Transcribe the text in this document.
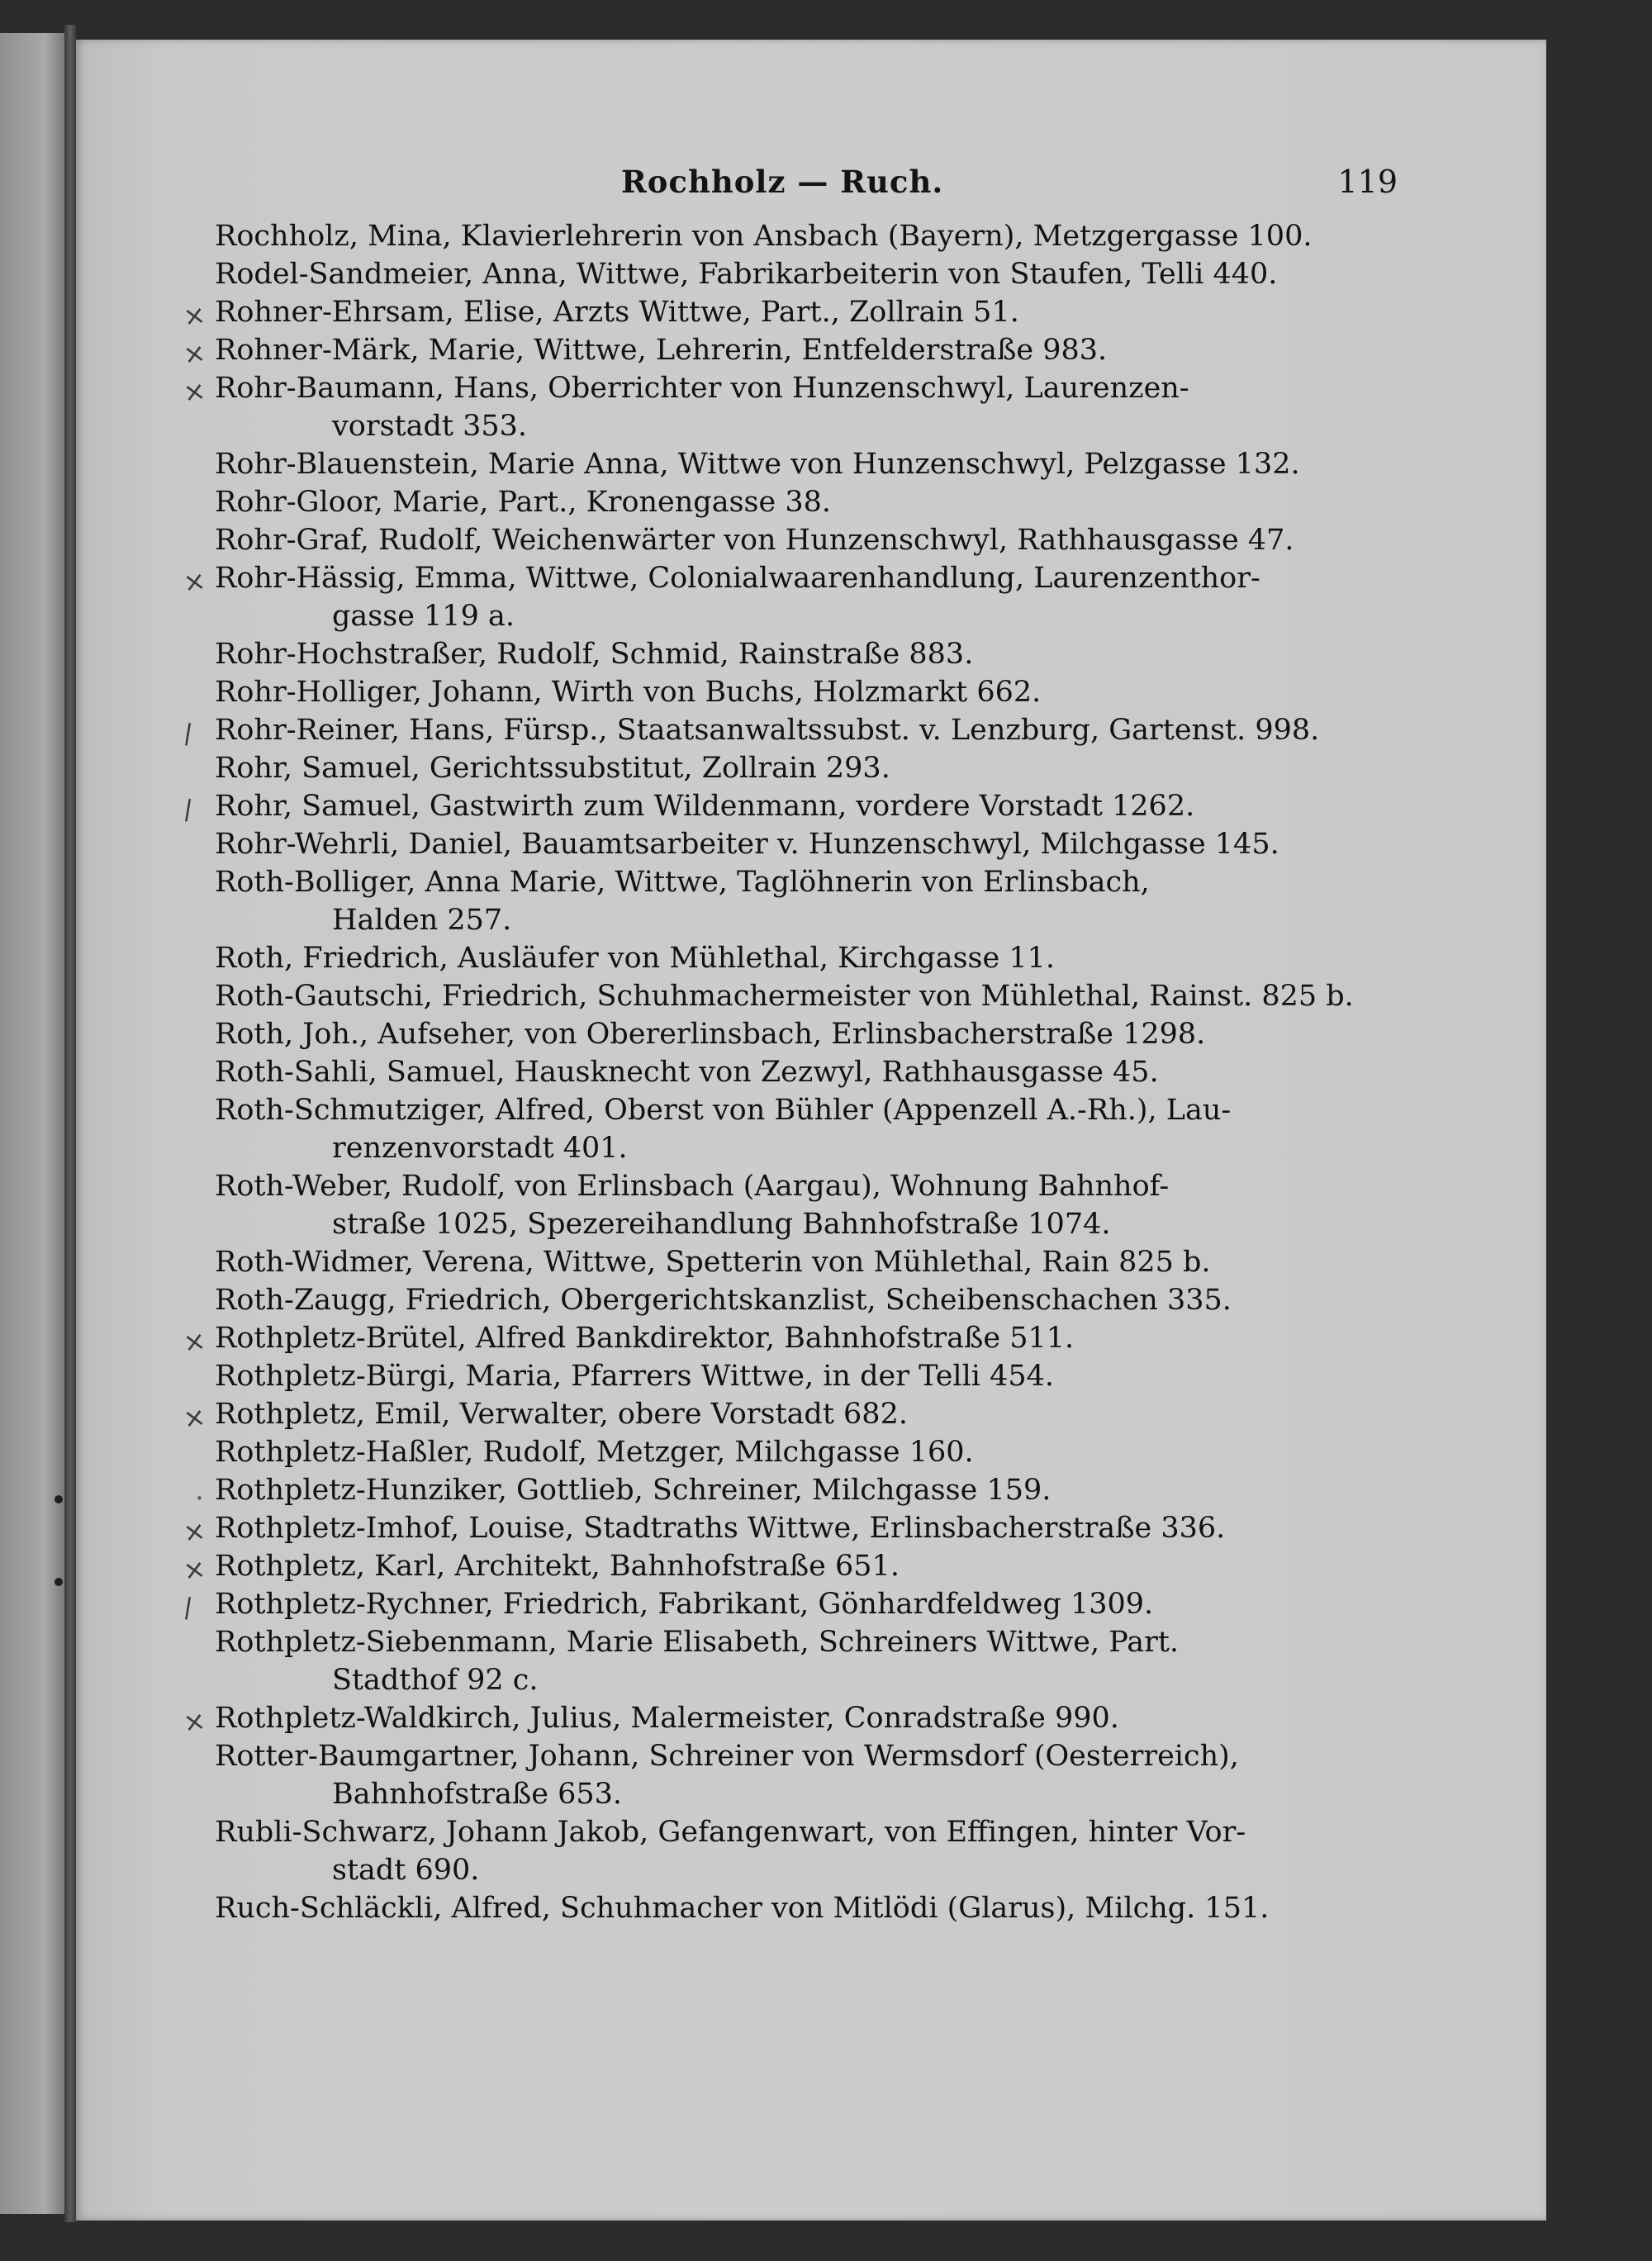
Rochholz — Ruch.	119
Rochholz, Mina, Klavierlehrerin von Ansbach (Bayern), Metzgergasse 100.
Rodel-Sandmeier, Anna, Wittwe, Fabrikarbeiterin von Staufen, Telli 440.
× Rohner-Ehrsam, Elise, Arzts Wittwe, Part., Zollrain 51.
× Rohner-Märk, Marie, Wittwe, Lehrerin, Entfelderstraße 983.
× Rohr-Baumann, Hans, Oberrichter von Hunzenschwyl, Laurenzen-
vorstadt 353.
Rohr-Blauenstein, Marie Anna, Wittwe von Hunzenschwyl, Pelzgasse 132.
Rohr-Gloor, Marie, Part., Kronengasse 38.
Rohr-Graf, Rudolf, Weichenwärter von Hunzenschwyl, Rathhausgasse 47.
× Rohr-Hässig, Emma, Wittwe, Colonialwaarenhandlung, Laurenzenthor-
gasse 119 a.
Rohr-Hochstraßer, Rudolf, Schmid, Rainstraße 883.
Rohr-Holliger, Johann, Wirth von Buchs, Holzmarkt 662.
/ Rohr-Reiner, Hans, Fürsp., Staatsanwaltssubst. v. Lenzburg, Gartenst. 998.
Rohr, Samuel, Gerichtssubstitut, Zollrain 293.
/ Rohr, Samuel, Gastwirth zum Wildenmann, vordere Vorstadt 1262.
Rohr-Wehrli, Daniel, Bauamtsarbeiter v. Hunzenschwyl, Milchgasse 145.
Roth-Bolliger, Anna Marie, Wittwe, Taglöhnerin von Erlinsbach,
Halden 257.
Roth, Friedrich, Ausläufer von Mühlethal, Kirchgasse 11.
Roth-Gautschi, Friedrich, Schuhmachermeister von Mühlethal, Rainst. 825 b.
Roth, Joh., Aufseher, von Obererlinsbach, Erlinsbacherstraße 1298.
Roth-Sahli, Samuel, Hausknecht von Zezwyl, Rathhausgasse 45.
Roth-Schmutziger, Alfred, Oberst von Bühler (Appenzell A.-Rh.), Lau-
renzenvorstadt 401.
Roth-Weber, Rudolf, von Erlinsbach (Aargau), Wohnung Bahnhof-
straße 1025, Spezereihandlung Bahnhofstraße 1074.
Roth-Widmer, Verena, Wittwe, Spetterin von Mühlethal, Rain 825 b.
Roth-Zaugg, Friedrich, Obergerichtskanzlist, Scheibenschachen 335.
× Rothpletz-Brütel, Alfred Bankdirektor, Bahnhofstraße 511.
Rothpletz-Bürgi, Maria, Pfarrers Wittwe, in der Telli 454.
× Rothpletz, Emil, Verwalter, obere Vorstadt 682.
Rothpletz-Haßler, Rudolf, Metzger, Milchgasse 160.
. Rothpletz-Hunziker, Gottlieb, Schreiner, Milchgasse 159.
× Rothpletz-Imhof, Louise, Stadtraths Wittwe, Erlinsbacherstraße 336.
× Rothpletz, Karl, Architekt, Bahnhofstraße 651.
/ Rothpletz-Rychner, Friedrich, Fabrikant, Gönhardfeldweg 1309.
Rothpletz-Siebenmann, Marie Elisabeth, Schreiners Wittwe, Part.
Stadthof 92 c.
× Rothpletz-Waldkirch, Julius, Malermeister, Conradstraße 990.
Rotter-Baumgartner, Johann, Schreiner von Wermsdorf (Oesterreich),
Bahnhofstraße 653.
Rubli-Schwarz, Johann Jakob, Gefangenwart, von Effingen, hinter Vor-
stadt 690.
Ruch-Schläckli, Alfred, Schuhmacher von Mitlödi (Glarus), Milchg. 151.
